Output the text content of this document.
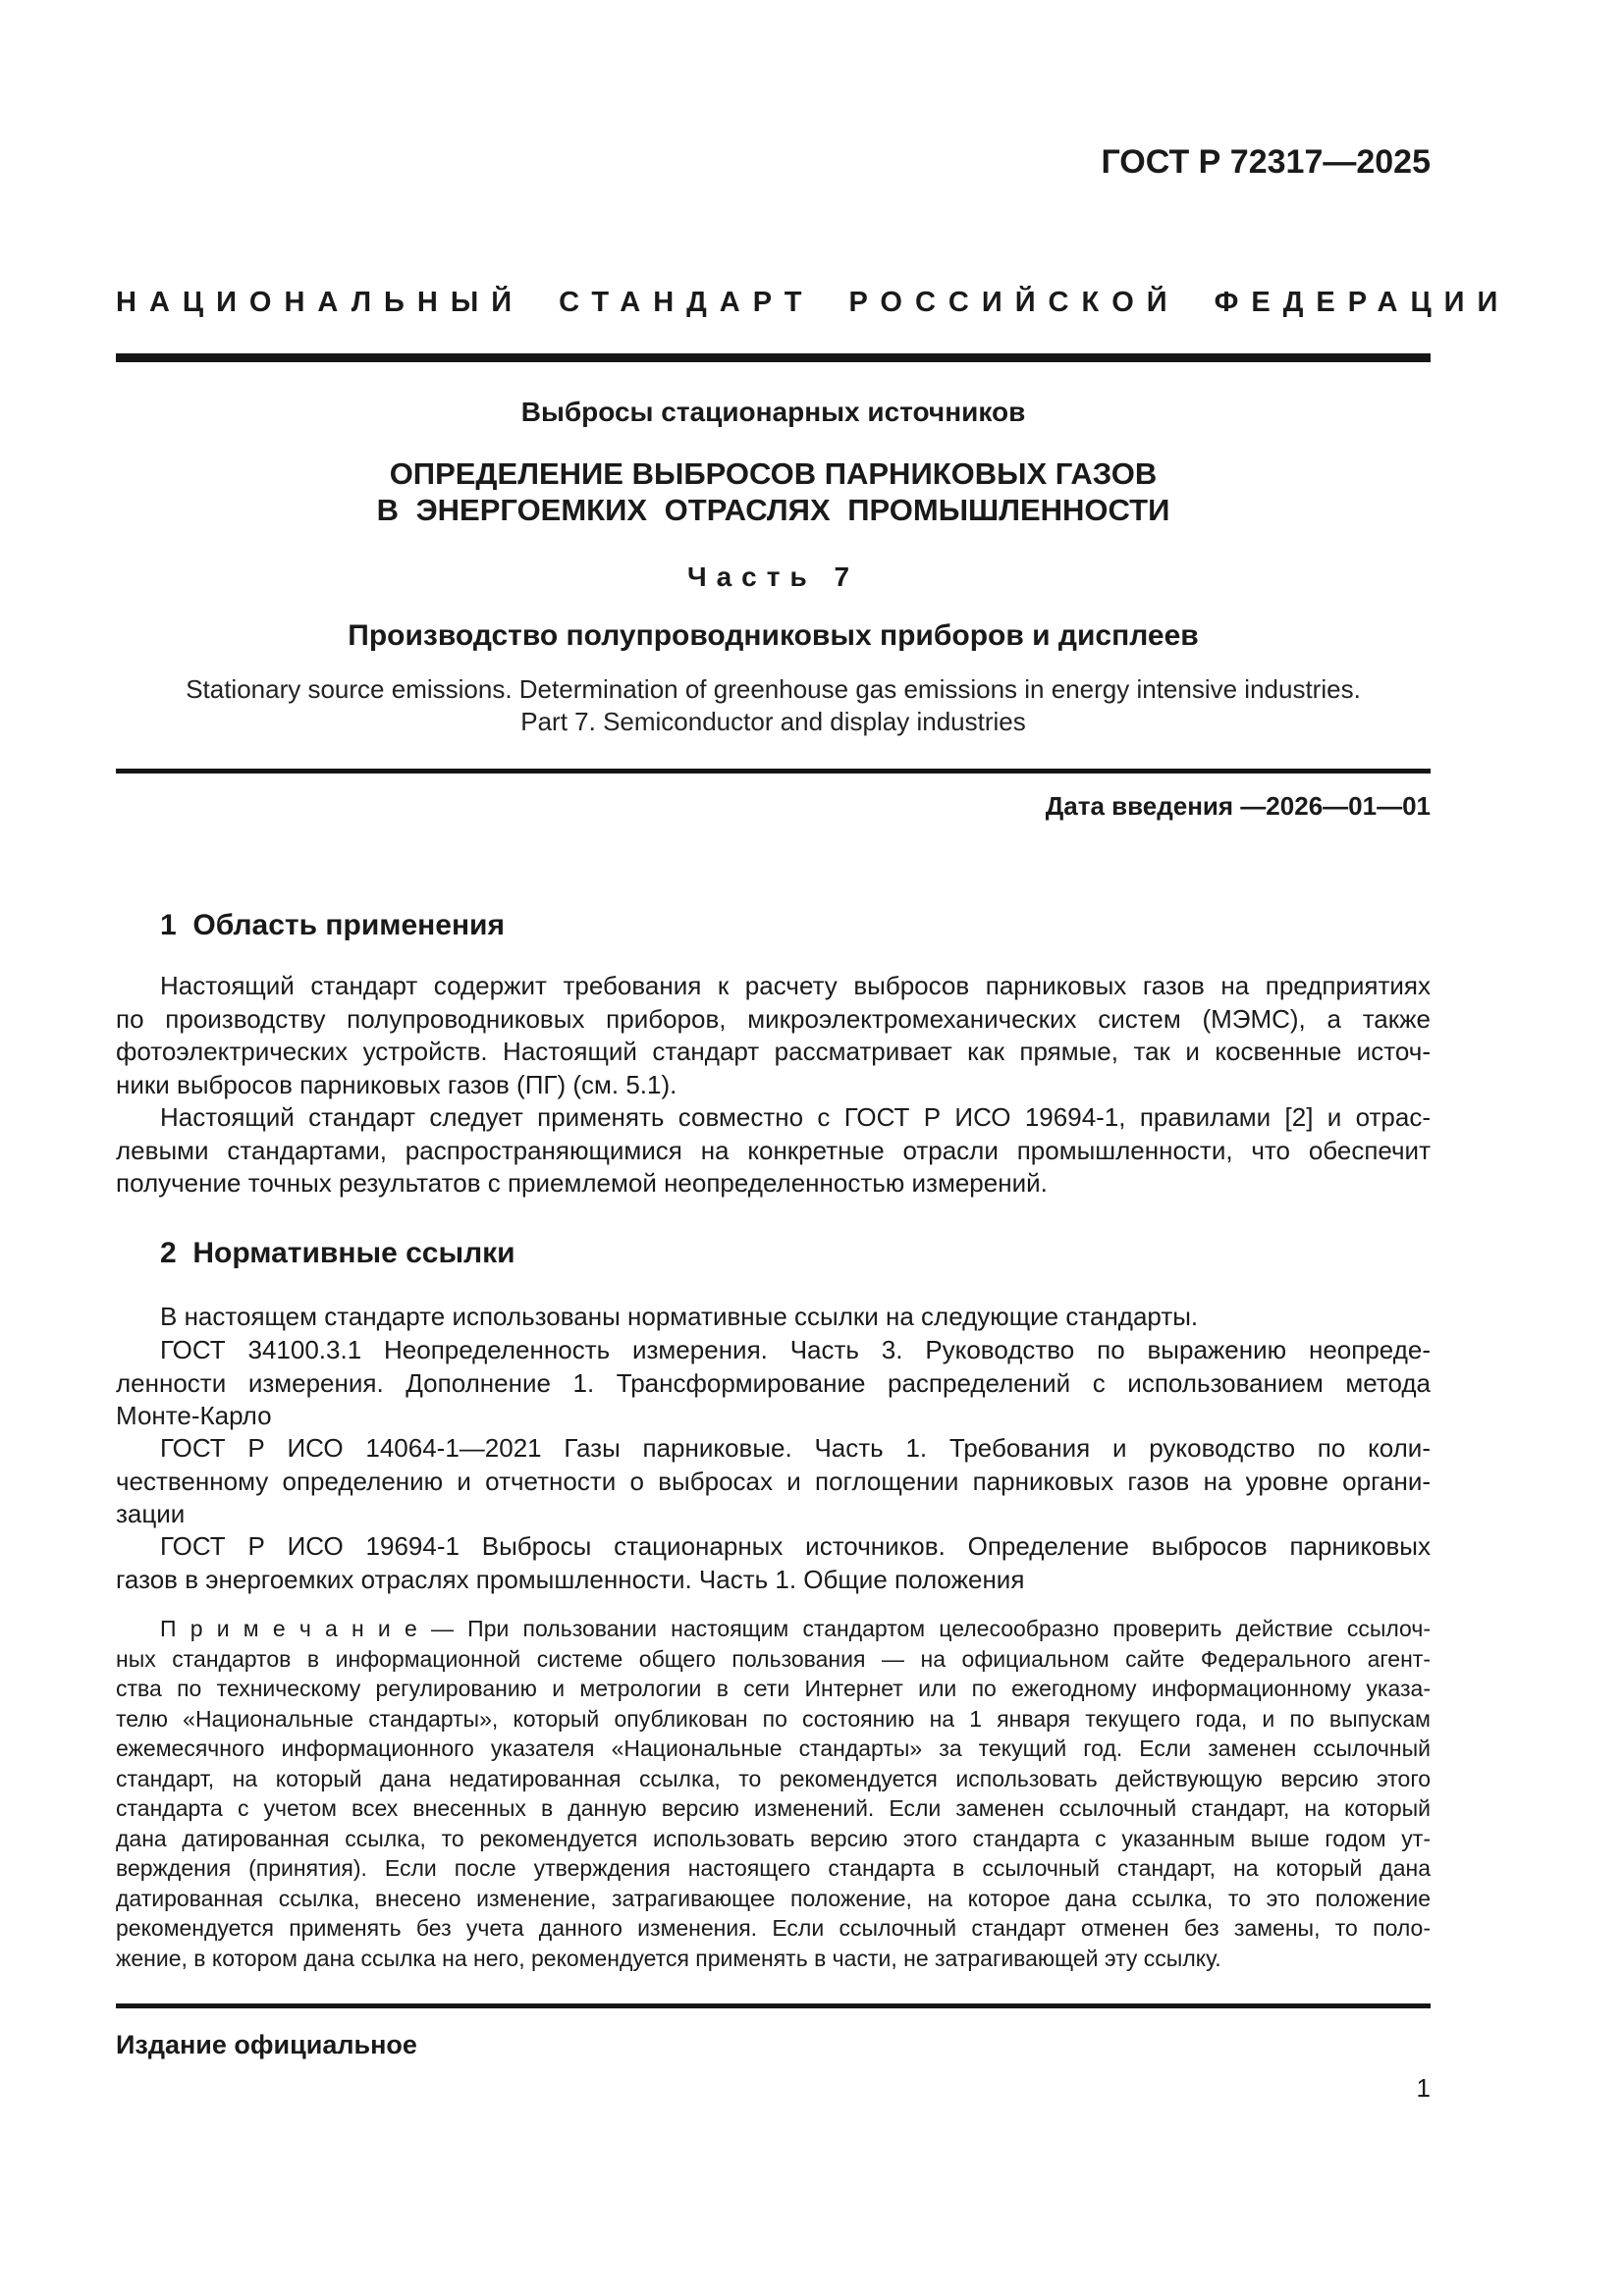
ГОСТ Р 72317—2025
НАЦИОНАЛЬНЫЙ СТАНДАРТ РОССИЙСКОЙ ФЕДЕРАЦИИ
Выбросы стационарных источников
ОПРЕДЕЛЕНИЕ ВЫБРОСОВ ПАРНИКОВЫХ ГАЗОВ
В ЭНЕРГОЕМКИХ ОТРАСЛЯХ ПРОМЫШЛЕННОСТИ
Часть 7
Производство полупроводниковых приборов и дисплеев
Stationary source emissions. Determination of greenhouse gas emissions in energy intensive industries.
Part 7. Semiconductor and display industries
Дата введения —2026—01—01
1  Область применения
Настоящий стандарт содержит требования к расчету выбросов парниковых газов на предприятиях
по производству полупроводниковых приборов, микроэлектромеханических систем (МЭМС), а также
фотоэлектрических устройств. Настоящий стандарт рассматривает как прямые, так и косвенные источ-
ники выбросов парниковых газов (ПГ) (см. 5.1).
Настоящий стандарт следует применять совместно с ГОСТ Р ИСО 19694-1, правилами [2] и отрас-
левыми стандартами, распространяющимися на конкретные отрасли промышленности, что обеспечит
получение точных результатов с приемлемой неопределенностью измерений.
2  Нормативные ссылки
В настоящем стандарте использованы нормативные ссылки на следующие стандарты.
ГОСТ 34100.3.1 Неопределенность измерения. Часть 3. Руководство по выражению неопреде-
ленности измерения. Дополнение 1. Трансформирование распределений с использованием метода
Монте-Карло
ГОСТ Р ИСО 14064-1—2021 Газы парниковые. Часть 1. Требования и руководство по коли-
чественному определению и отчетности о выбросах и поглощении парниковых газов на уровне органи-
зации
ГОСТ Р ИСО 19694-1 Выбросы стационарных источников. Определение выбросов парниковых
газов в энергоемких отраслях промышленности. Часть 1. Общие положения
П р и м е ч а н и е — При пользовании настоящим стандартом целесообразно проверить действие ссылоч-
ных стандартов в информационной системе общего пользования — на официальном сайте Федерального агент-
ства по техническому регулированию и метрологии в сети Интернет или по ежегодному информационному указа-
телю «Национальные стандарты», который опубликован по состоянию на 1 января текущего года, и по выпускам
ежемесячного информационного указателя «Национальные стандарты» за текущий год. Если заменен ссылочный
стандарт, на который дана недатированная ссылка, то рекомендуется использовать действующую версию этого
стандарта с учетом всех внесенных в данную версию изменений. Если заменен ссылочный стандарт, на который
дана датированная ссылка, то рекомендуется использовать версию этого стандарта с указанным выше годом ут-
верждения (принятия). Если после утверждения настоящего стандарта в ссылочный стандарт, на который дана
датированная ссылка, внесено изменение, затрагивающее положение, на которое дана ссылка, то это положение
рекомендуется применять без учета данного изменения. Если ссылочный стандарт отменен без замены, то поло-
жение, в котором дана ссылка на него, рекомендуется применять в части, не затрагивающей эту ссылку.
Издание официальное
1
